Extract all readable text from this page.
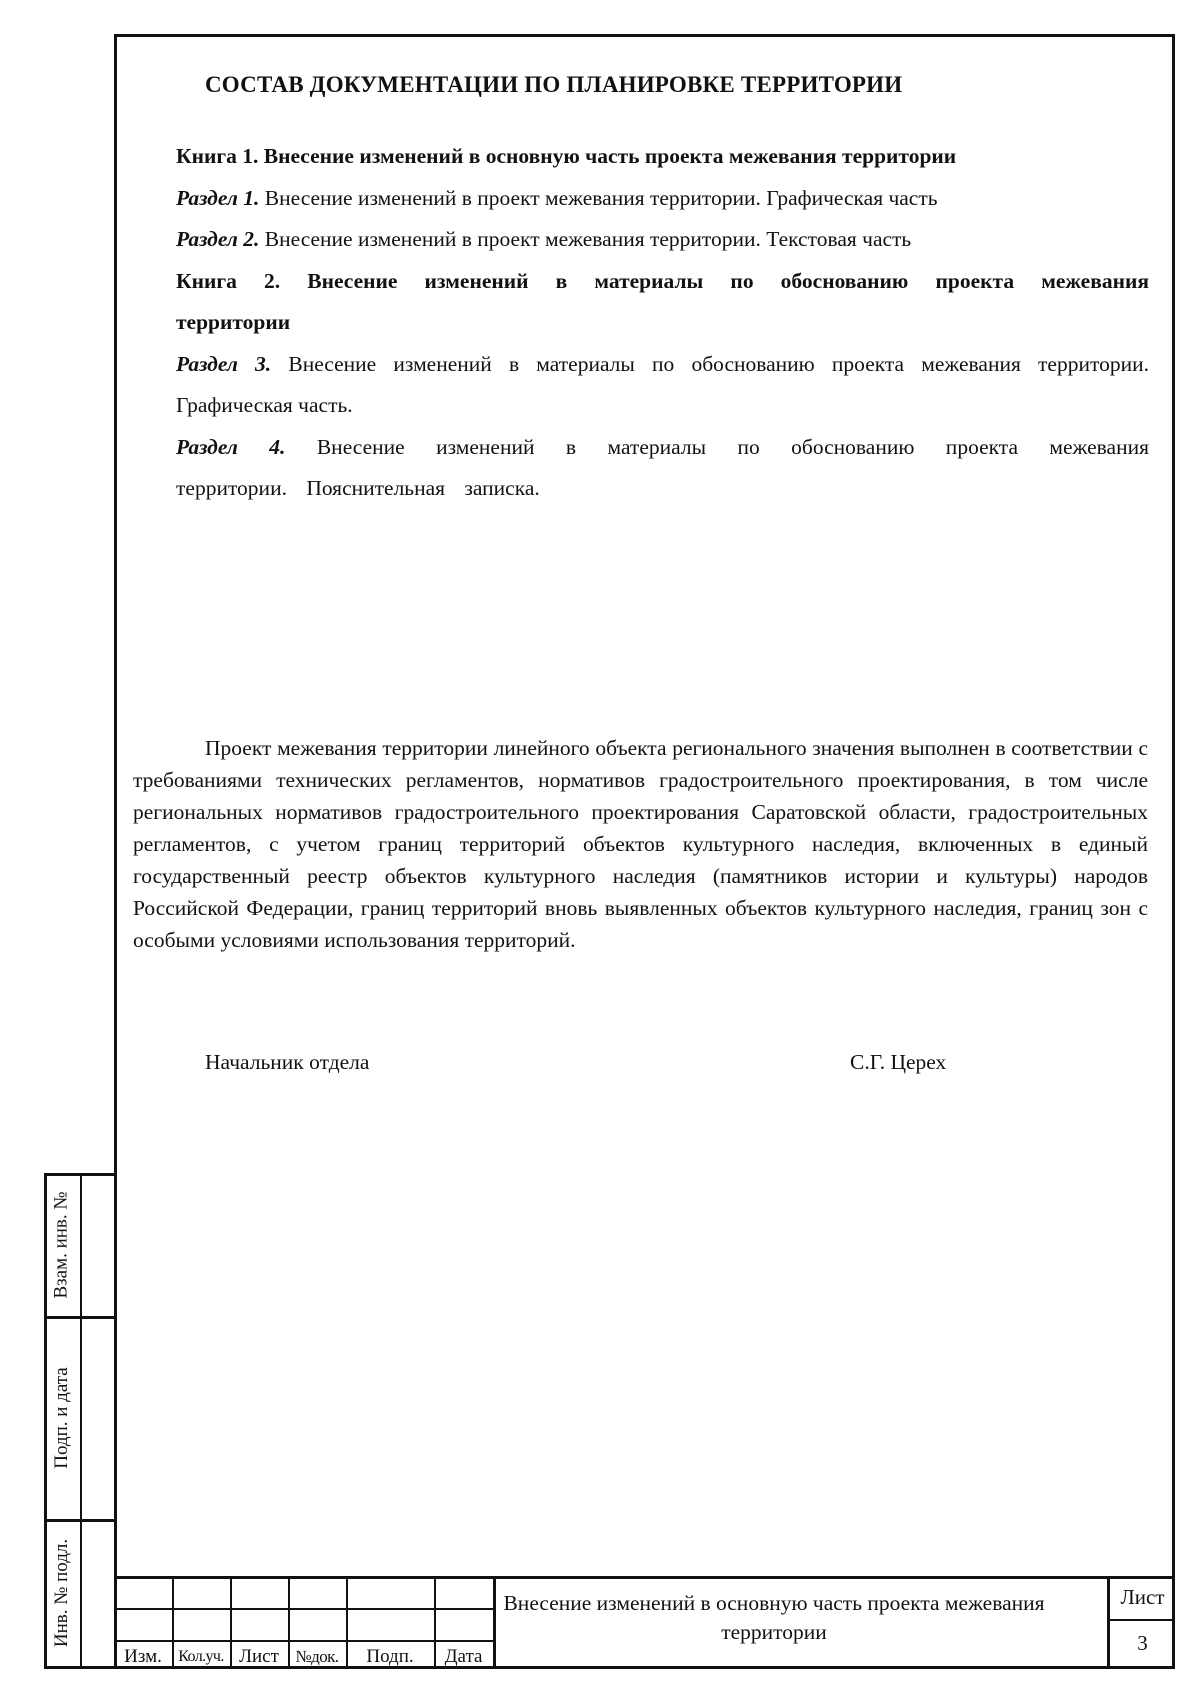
СОСТАВ ДОКУМЕНТАЦИИ ПО ПЛАНИРОВКЕ ТЕРРИТОРИИ

Книга 1. Внесение изменений в основную часть проекта межевания территории

Раздел 1. Внесение изменений в проект межевания территории. Графическая часть

Раздел 2. Внесение изменений в проект межевания территории. Текстовая часть

Книга 2. Внесение изменений в материалы по обоснованию проекта межевания территории

Раздел 3. Внесение изменений в материалы по обоснованию проекта межевания территории. Графическая часть.

Раздел 4. Внесение изменений в материалы по обоснованию проекта межевания территории. Пояснительная записка.

Проект межевания территории линейного объекта регионального значения выполнен в соответствии с требованиями технических регламентов, нормативов градостроительного проектирования, в том числе региональных нормативов градостроительного проектирования Саратовской области, градостроительных регламентов, с учетом границ территорий объектов культурного наследия, включенных в единый государственный реестр объектов культурного наследия (памятников истории и культуры) народов Российской Федерации, границ территорий вновь выявленных объектов культурного наследия, границ зон с особыми условиями использования территорий.

Начальник отдела	С.Г. Церех
Взам. инв. №
Подп. и дата
Инв. № подл.
Изм.	Кол.уч. Лист №док.	Подп.	Дата
Внесение изменений в основную часть проекта межевания территории
Лист
3
